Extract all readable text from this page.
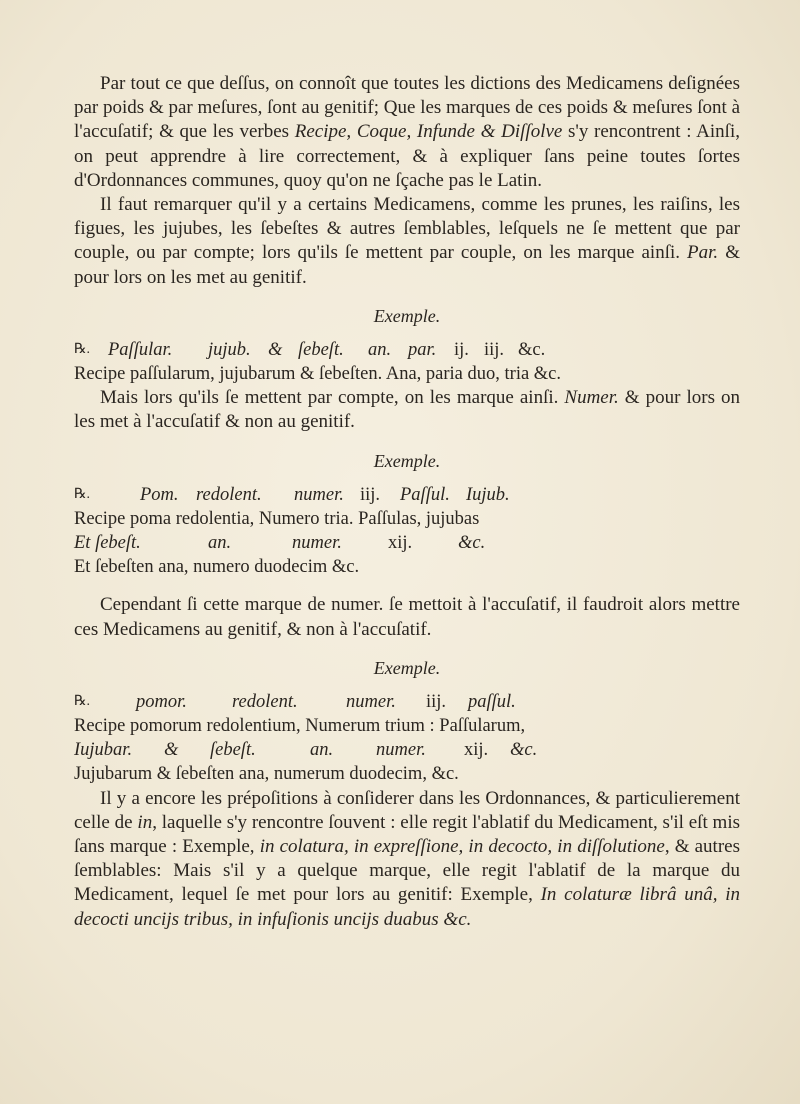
Par tout ce que deſſus, on connoît que toutes les dictions des Medicamens deſignées par poids & par meſures, ſont au genitif; Que les marques de ces poids & meſures ſont à l'accuſatif; & que les verbes Recipe, Coque, Infunde & Diſſolve s'y rencontrent : Ainſi, on peut apprendre à lire correctement, & à expliquer ſans peine toutes ſortes d'Ordonnances communes, quoy qu'on ne ſçache pas le Latin.

Il faut remarquer qu'il y a certains Medicamens, comme les prunes, les raiſins, les figues, les jujubes, les ſebeſtes & autres ſemblables, leſquels ne ſe mettent que par couple, ou par compte; lors qu'ils ſe mettent par couple, on les marque ainſi. Par. & pour lors on les met au genitif.

Exemple.
℞. Paſſular.	jujub. & ſebeſt.	an. par. ij. iij. &c.
Recipe paſſularum, jujubarum & ſebeſten. Ana, paria duo, tria &c.

Mais lors qu'ils ſe mettent par compte, on les marque ainſi. Numer. & pour lors on les met à l'accuſatif & non au genitif.

Exemple.
℞.	Pom. redolent.	numer. iij.	Paſſul. Iujub.
Recipe poma redolentia, Numero tria. Paſſulas, jujubas
Et ſebeſt.	an.	numer.	xij.	&c.
Et ſebeſten ana, numero duodecim &c.

Cependant ſi cette marque de numer. ſe mettoit à l'accuſatif, il faudroit alors mettre ces Medicamens au genitif, & non à l'accuſatif.

Exemple.
℞.	pomor.	redolent.	numer.	iij.	paſſul.
Recipe pomorum redolentium, Numerum trium : Paſſularum,
Iujubar.	&	ſebeſt.	an.	numer.	xij.	&c.
Jujubarum & ſebeſten ana, numerum duodecim, &c.

Il y a encore les prépoſitions à conſiderer dans les Ordonnances, & particulierement celle de in, laquelle s'y rencontre ſouvent : elle regit l'ablatif du Medicament, s'il eſt mis ſans marque : Exemple, in colatura, in expreſſione, in decocto, in diſſolutione, & autres ſemblables: Mais s'il y a quelque marque, elle regit l'ablatif de la marque du Medicament, lequel ſe met pour lors au genitif: Exemple, In colaturæ librâ unâ, in decocti uncijs tribus, in infuſionis uncijs duabus &c.
